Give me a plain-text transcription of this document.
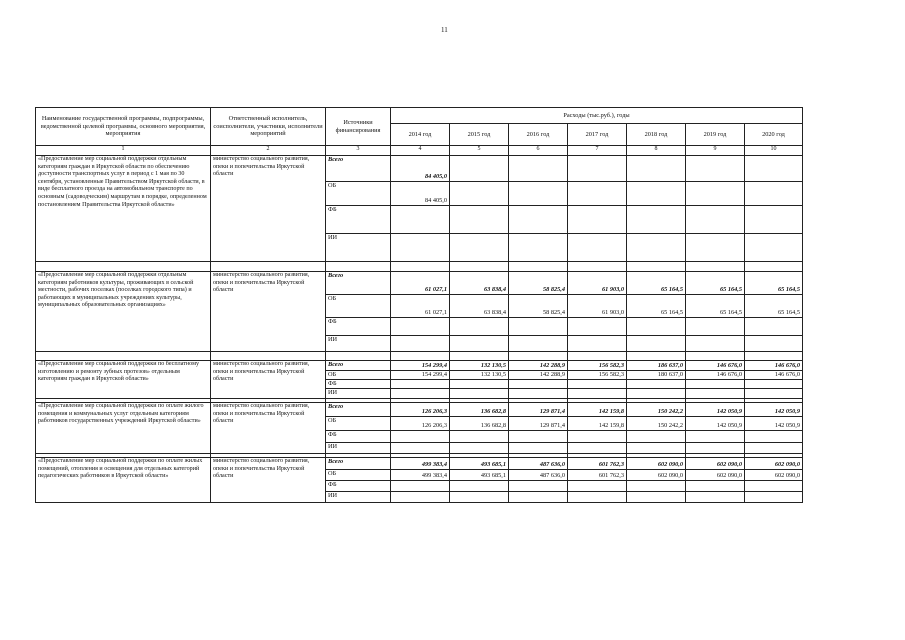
11
Наименование государственной программы, подпрограммы, ведомственной целевой программы, основного мероприятия, мероприятия	Ответственный исполнитель, соисполнители, участники, исполнители мероприятий	Источники финансирования	Расходы (тыс.руб.), годы						
			2014 год	2015 год	2016 год	2017 год	2018 год	2019 год	2020 год
1	2	3	4	5	6	7	8	9	10
«Предоставление мер социальной поддержки отдельным категориям граждан в Иркутской области по обеспечению доступности транспортных услуг в период с 1 мая по 30 сентября, установленные Правительством Иркутской области, в виде бесплатного проезда на автомобильном транспорте по основным (садоводческим) маршрутам в порядке, определенном постановлением Правительства Иркутской области»	министерство социального развития, опеки и попечительства Иркутской области	Всего	84 405,0						
		ОБ	84 405,0						
		ФБ							
		ИИ							

«Предоставление мер социальной поддержки отдельным категориям работников культуры, проживающих в сельской местности, рабочих поселках (поселках городского типа) и работающих в муниципальных учреждениях культуры, муниципальных образовательных организациях»	министерство социального развития, опеки и попечительства Иркутской области	Всего	61 027,1	63 838,4	58 825,4	61 903,0	65 164,5	65 164,5	65 164,5
		ОБ	61 027,1	63 838,4	58 825,4	61 903,0	65 164,5	65 164,5	65 164,5
		ФБ							
		ИИ							

«Предоставление мер социальной поддержки по бесплатному изготовлению и ремонту зубных протезов» отдельным категориям граждан в Иркутской области»	министерство социального развития, опеки и попечительства Иркутской области	Всего	154 299,4	132 130,5	142 288,9	156 582,3	186 637,0	146 676,0	146 676,0
		ОБ	154 299,4	132 130,5	142 288,9	156 582,3	180 637,0	146 676,0	146 676,0
		ФБ							
		ИИ							

«Предоставление мер социальной поддержки по оплате жилого помещения и коммунальных услуг отдельным категориям работников государственных учреждений Иркутской области»	министерство социального развития, опеки и попечительства Иркутской области	Всего	126 206,3	136 682,8	129 871,4	142 159,8	150 242,2	142 050,9	142 050,9
		ОБ	126 206,3	136 682,8	129 871,4	142 159,8	150 242,2	142 050,9	142 050,9
		ФБ							
		ИИ							

«Предоставление мер социальной поддержки по оплате жилых помещений, отопления и освещения для отдельных категорий педагогических работников в Иркутской области»	министерство социального развития, опеки и попечительства Иркутской области	Всего	499 383,4	493 685,1	487 636,0	601 762,3	602 090,0	602 090,0	602 090,0
		ОБ	499 383,4	493 685,1	487 636,0	601 762,3	602 090,0	602 090,0	602 090,0
		ФБ							
		ИИ							
